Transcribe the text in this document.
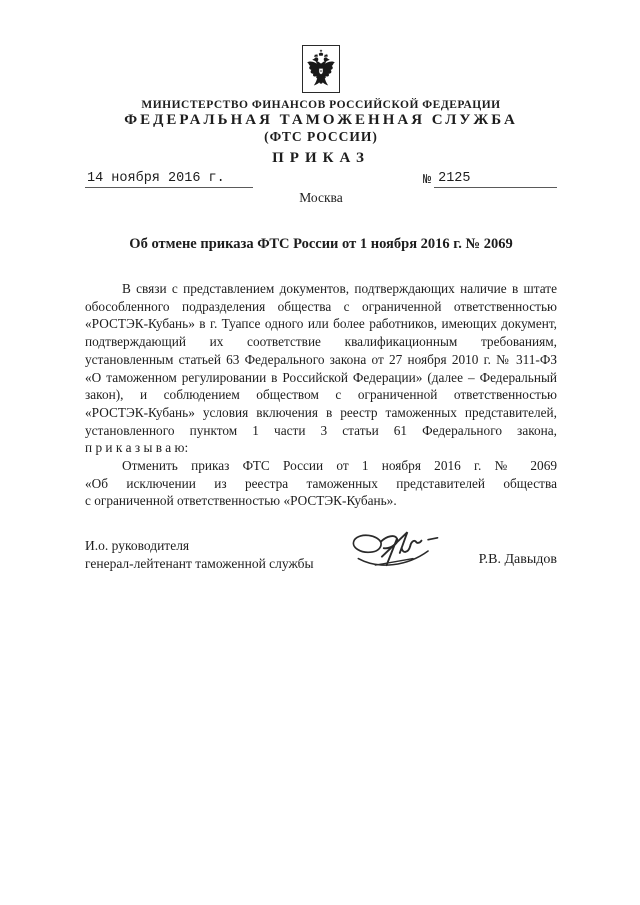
МИНИСТЕРСТВО ФИНАНСОВ РОССИЙСКОЙ ФЕДЕРАЦИИ
ФЕДЕРАЛЬНАЯ ТАМОЖЕННАЯ СЛУЖБА
(ФТС РОССИИ)
ПРИКАЗ
14 ноября 2016 г.	№ 2125
Москва
Об отмене приказа ФТС России от 1 ноября 2016 г. № 2069
В связи с представлением документов, подтверждающих наличие в штате
обособленного подразделения общества с ограниченной ответственностью
«РОСТЭК-Кубань» в г. Туапсе одного или более работников, имеющих документ,
подтверждающий их соответствие квалификационным требованиям,
установленным статьей 63 Федерального закона от 27 ноября 2010 г. № 311-ФЗ
«О таможенном регулировании в Российской Федерации» (далее – Федеральный
закон), и соблюдением обществом с ограниченной ответственностью
«РОСТЭК-Кубань» условия включения в реестр таможенных представителей,
установленного пунктом 1 части 3 статьи 61 Федерального закона,
п р и к а з ы в а ю:
Отменить приказ ФТС России от 1 ноября 2016 г. № 2069
«Об исключении из реестра таможенных представителей общества
с ограниченной ответственностью «РОСТЭК-Кубань».
И.о. руководителя
генерал-лейтенант таможенной службы	Р.В. Давыдов
